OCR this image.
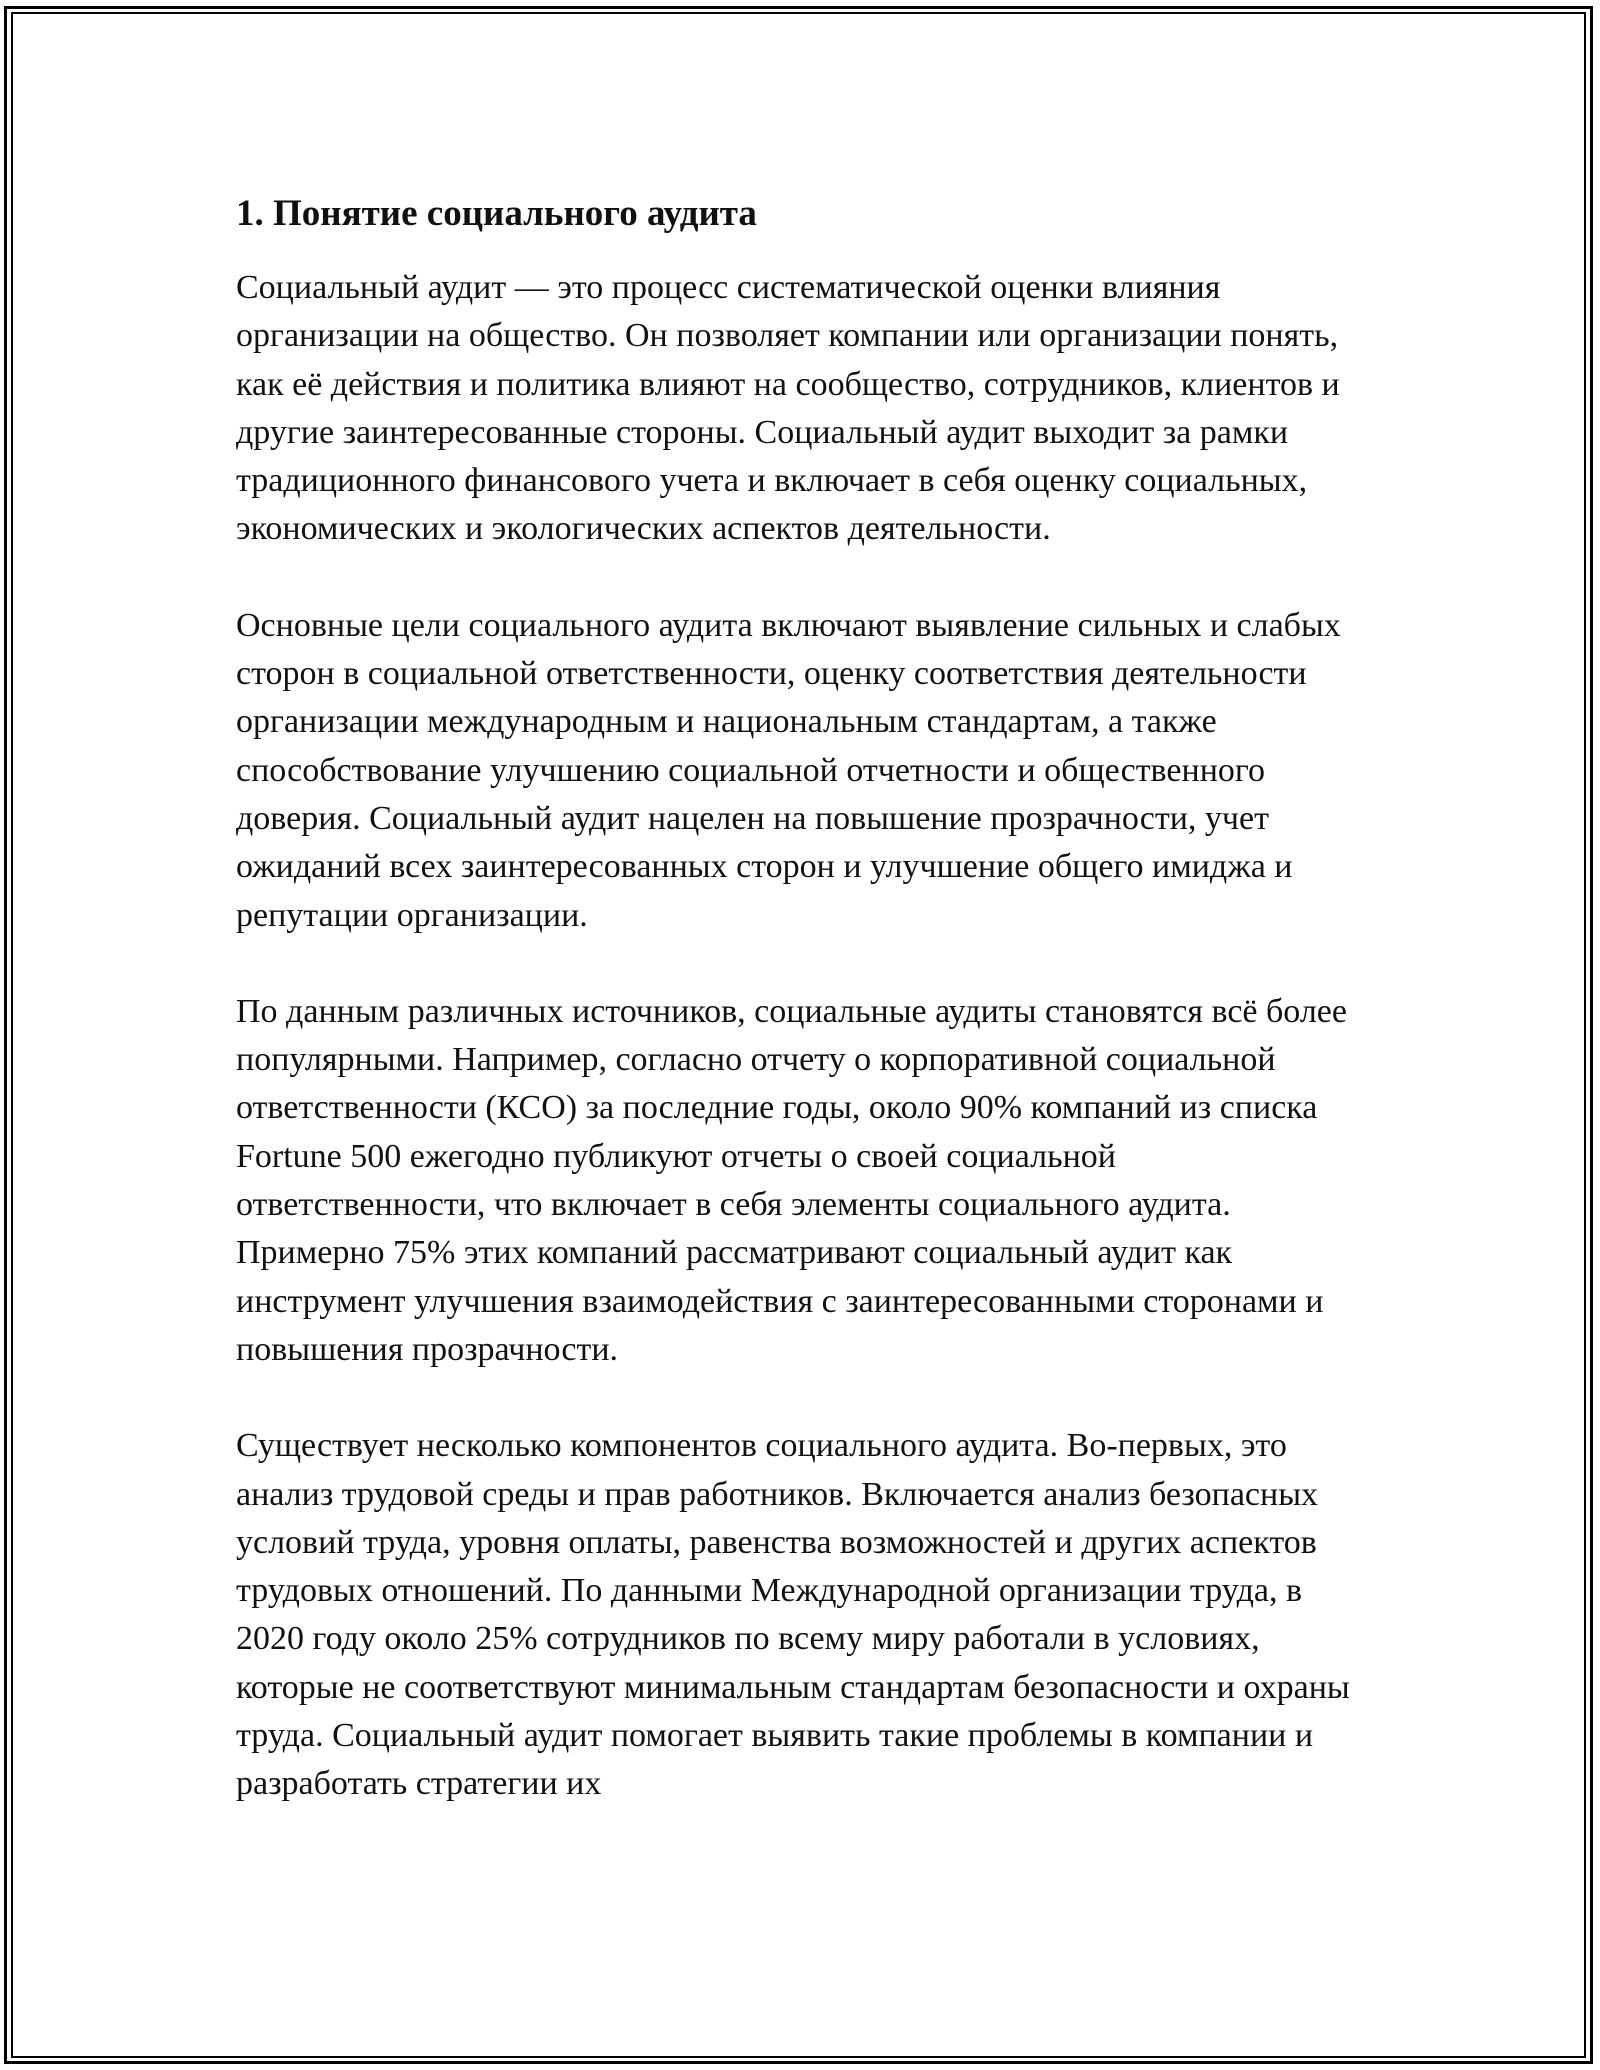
1. Понятие социального аудита

Социальный аудит — это процесс систематической оценки влияния организации на общество. Он позволяет компании или организации понять, как её действия и политика влияют на сообщество, сотрудников, клиентов и другие заинтересованные стороны. Социальный аудит выходит за рамки традиционного финансового учета и включает в себя оценку социальных, экономических и экологических аспектов деятельности.

Основные цели социального аудита включают выявление сильных и слабых сторон в социальной ответственности, оценку соответствия деятельности организации международным и национальным стандартам, а также способствование улучшению социальной отчетности и общественного доверия. Социальный аудит нацелен на повышение прозрачности, учет ожиданий всех заинтересованных сторон и улучшение общего имиджа и репутации организации.

По данным различных источников, социальные аудиты становятся всё более популярными. Например, согласно отчету о корпоративной социальной ответственности (КСО) за последние годы, около 90% компаний из списка Fortune 500 ежегодно публикуют отчеты о своей социальной ответственности, что включает в себя элементы социального аудита. Примерно 75% этих компаний рассматривают социальный аудит как инструмент улучшения взаимодействия с заинтересованными сторонами и повышения прозрачности.

Существует несколько компонентов социального аудита. Во-первых, это анализ трудовой среды и прав работников. Включается анализ безопасных условий труда, уровня оплаты, равенства возможностей и других аспектов трудовых отношений. По данными Международной организации труда, в 2020 году около 25% сотрудников по всему миру работали в условиях, которые не соответствуют минимальным стандартам безопасности и охраны труда. Социальный аудит помогает выявить такие проблемы в компании и разработать стратегии их
